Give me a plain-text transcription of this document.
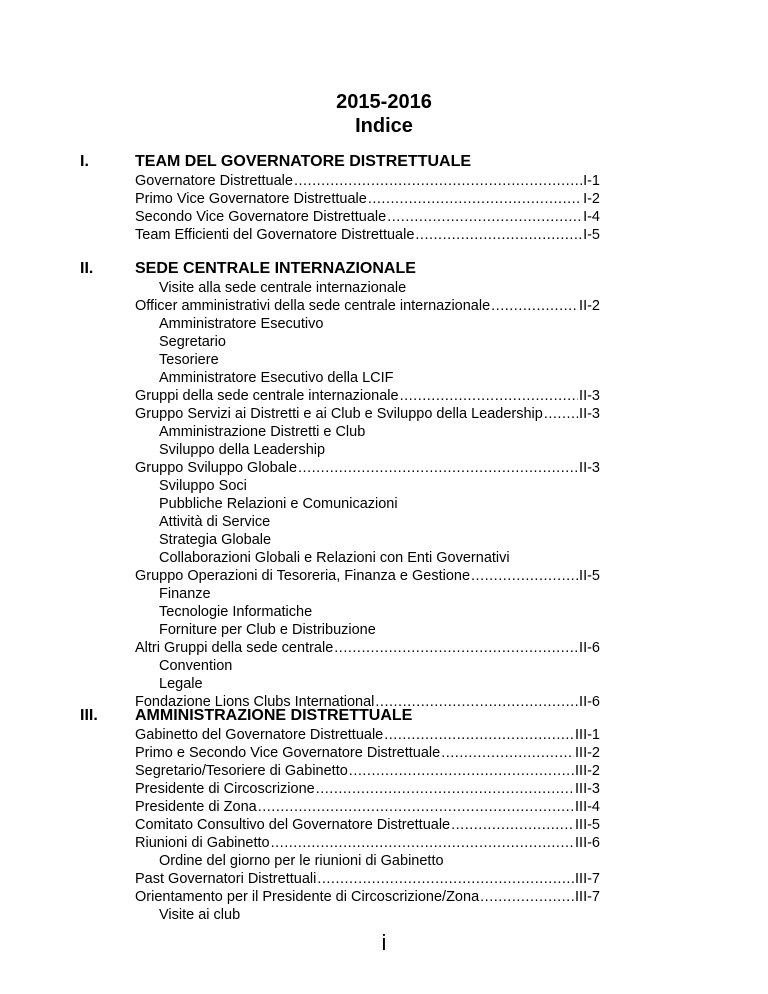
2015-2016
Indice
I.	TEAM DEL GOVERNATORE DISTRETTUALE
Governatore Distrettuale .....	I-1
Primo Vice Governatore Distrettuale .....	I-2
Secondo Vice Governatore Distrettuale .....	I-4
Team Efficienti del Governatore Distrettuale .....	I-5
II.	SEDE CENTRALE INTERNAZIONALE
Visite alla sede centrale internazionale
Officer amministrativi della sede centrale internazionale .....	II-2
Amministratore Esecutivo
Segretario
Tesoriere
Amministratore Esecutivo della LCIF
Gruppi della sede centrale internazionale .....	II-3
Gruppo Servizi ai Distretti e ai Club e Sviluppo della Leadership ..... II-3
Amministrazione Distretti e Club
Sviluppo della Leadership
Gruppo Sviluppo Globale .....	II-3
Sviluppo Soci
Pubbliche Relazioni e Comunicazioni
Attività di Service
Strategia Globale
Collaborazioni Globali e Relazioni con Enti Governativi
Gruppo Operazioni di Tesoreria, Finanza e Gestione .....	II-5
Finanze
Tecnologie Informatiche
Forniture per Club e Distribuzione
Altri Gruppi della sede centrale .....	II-6
Convention
Legale
Fondazione Lions Clubs International .....	II-6
III. AMMINISTRAZIONE DISTRETTUALE
Gabinetto del Governatore Distrettuale .....	III-1
Primo e Secondo Vice Governatore Distrettuale .....	III-2
Segretario/Tesoriere di Gabinetto .....	III-2
Presidente di Circoscrizione .....	III-3
Presidente di Zona .....	III-4
Comitato Consultivo del Governatore Distrettuale .....	III-5
Riunioni di Gabinetto .....	III-6
Ordine del giorno per le riunioni di Gabinetto
Past Governatori Distrettuali .....	III-7
Orientamento per il Presidente di Circoscrizione/Zona .....	III-7
Visite ai club
i
